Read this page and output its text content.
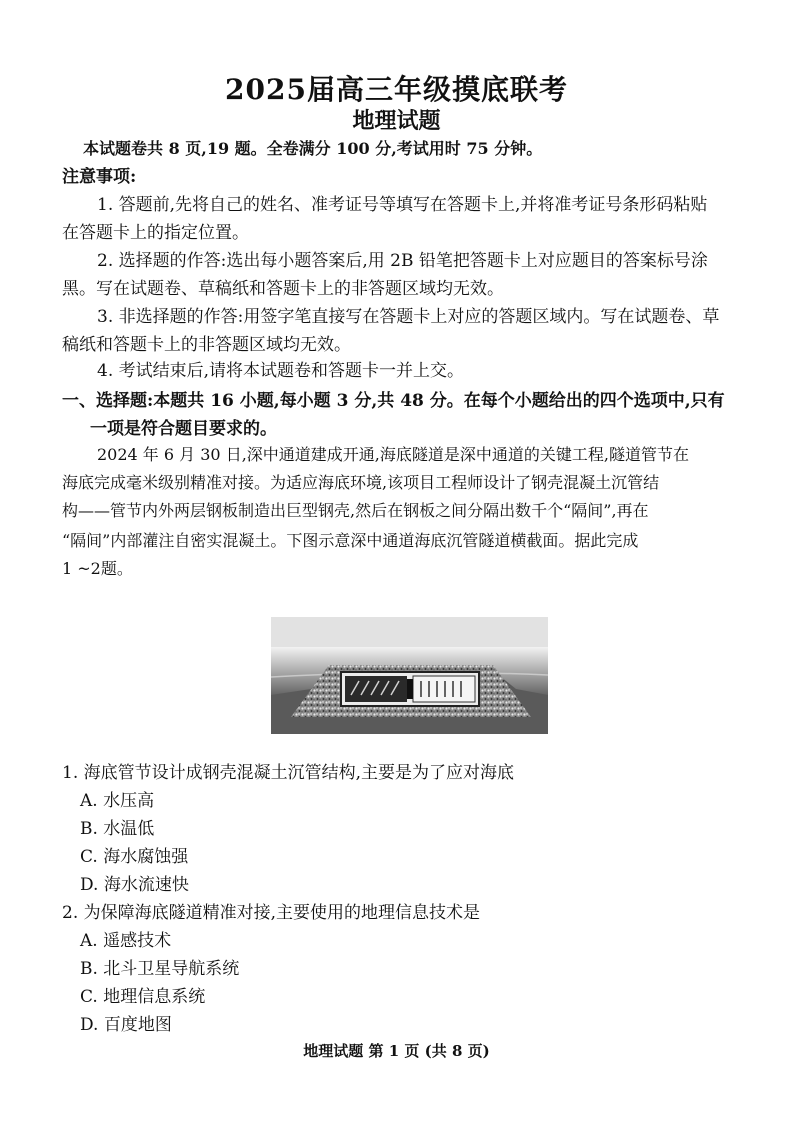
2025届高三年级摸底联考
地理试题
本试题卷共 8 页,19 题。全卷满分 100 分,考试用时 75 分钟。
注意事项:
1. 答题前,先将自己的姓名、准考证号等填写在答题卡上,并将准考证号条形码粘贴
在答题卡上的指定位置。
2. 选择题的作答:选出每小题答案后,用 2B 铅笔把答题卡上对应题目的答案标号涂
黑。写在试题卷、草稿纸和答题卡上的非答题区域均无效。
3. 非选择题的作答:用签字笔直接写在答题卡上对应的答题区域内。写在试题卷、草
稿纸和答题卡上的非答题区域均无效。
4. 考试结束后,请将本试题卷和答题卡一并上交。
一、选择题:本题共 16 小题,每小题 3 分,共 48 分。在每个小题给出的四个选项中,只有
一项是符合题目要求的。
2024 年 6 月 30 日,深中通道建成开通,海底隧道是深中通道的关键工程,隧道管节在
海底完成毫米级别精准对接。为适应海底环境,该项目工程师设计了钢壳混凝土沉管结
构——管节内外两层钢板制造出巨型钢壳,然后在钢板之间分隔出数千个“隔间”,再在
“隔间”内部灌注自密实混凝土。下图示意深中通道海底沉管隧道横截面。据此完成
1 ~2题。
1. 海底管节设计成钢壳混凝土沉管结构,主要是为了应对海底
A. 水压高
B. 水温低
C. 海水腐蚀强
D. 海水流速快
2. 为保障海底隧道精准对接,主要使用的地理信息技术是
A. 遥感技术
B. 北斗卫星导航系统
C. 地理信息系统
D. 百度地图
地理试题 第 1 页 (共 8 页)
